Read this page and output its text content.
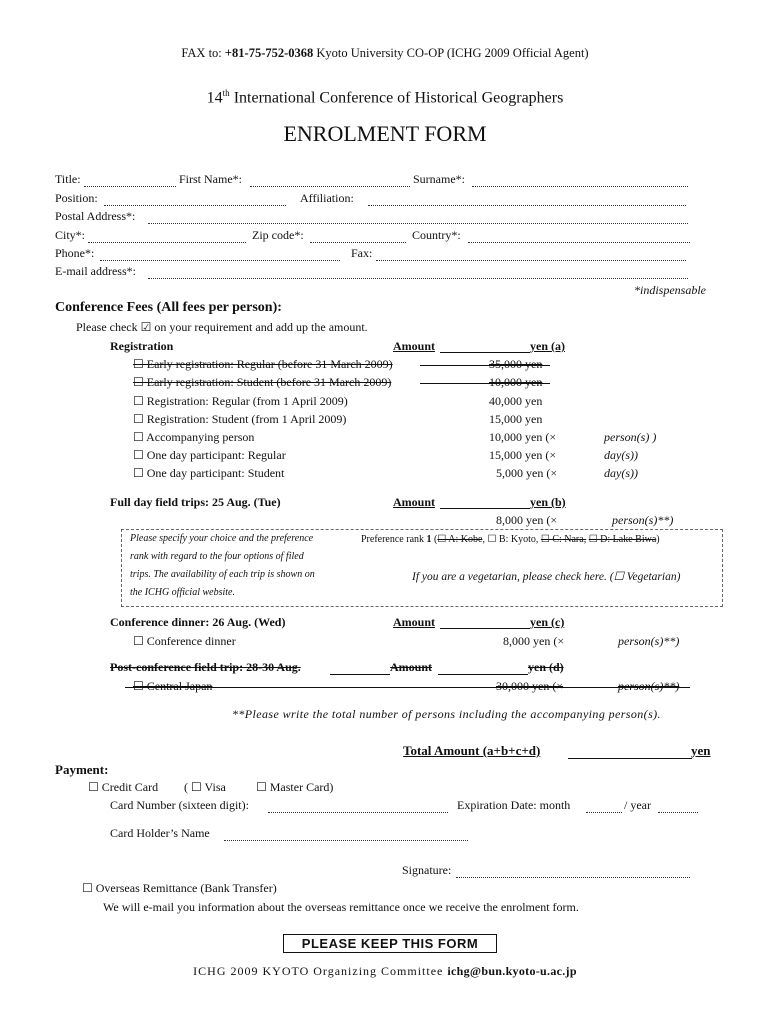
FAX to: +81-75-752-0368 Kyoto University CO-OP (ICHG 2009 Official Agent)
14th International Conference of Historical Geographers
ENROLMENT FORM
Title:	First Name*:	Surname*:
Position:	Affiliation:
Postal Address*:
City*:	Zip code*:	Country*:
Phone*:	Fax:
E-mail address*:
*indispensable
Conference Fees (All fees per person):
Please check ☑ on your requirement and add up the amount.
Registration	Amount	yen (a)
☐ Early registration: Regular (before 31 March 2009)	35,000 yen
☐ Early registration: Student (before 31 March 2009)	10,000 yen
☐ Registration: Regular (from 1 April 2009)	40,000 yen
☐ Registration: Student (from 1 April 2009)	15,000 yen
☐ Accompanying person	10,000 yen (×	person(s) )
☐ One day participant: Regular	15,000 yen (×	day(s))
☐ One day participant: Student	5,000 yen (×	day(s))
Full day field trips: 25 Aug. (Tue)	Amount	yen (b)
8,000 yen (×	person(s)**)
Please specify your choice and the preference
rank with regard to the four options of filed
trips. The availability of each trip is shown on
the ICHG official website.
Preference rank 1 (☐ A: Kobe, ☐ B: Kyoto, ☐ C: Nara, ☐ D: Lake Biwa)
If you are a vegetarian, please check here. (☐ Vegetarian)
Conference dinner: 26 Aug. (Wed)	Amount	yen (c)
☐ Conference dinner	8,000 yen (×	person(s)**)
Post-conference field trip: 28-30 Aug.	Amount	yen (d)
☐ Central Japan	30,000 yen (×	person(s)**)
**Please write the total number of persons including the accompanying person(s).
Total Amount (a+b+c+d)	yen
Payment:
☐ Credit Card ( ☐ Visa	☐ Master Card)
Card Number (sixteen digit):	Expiration Date: month	/ year
Card Holder’s Name
Signature:
☐ Overseas Remittance (Bank Transfer)
We will e-mail you information about the overseas remittance once we receive the enrolment form.
PLEASE KEEP THIS FORM
ICHG 2009 KYOTO Organizing Committee ichg@bun.kyoto-u.ac.jp
